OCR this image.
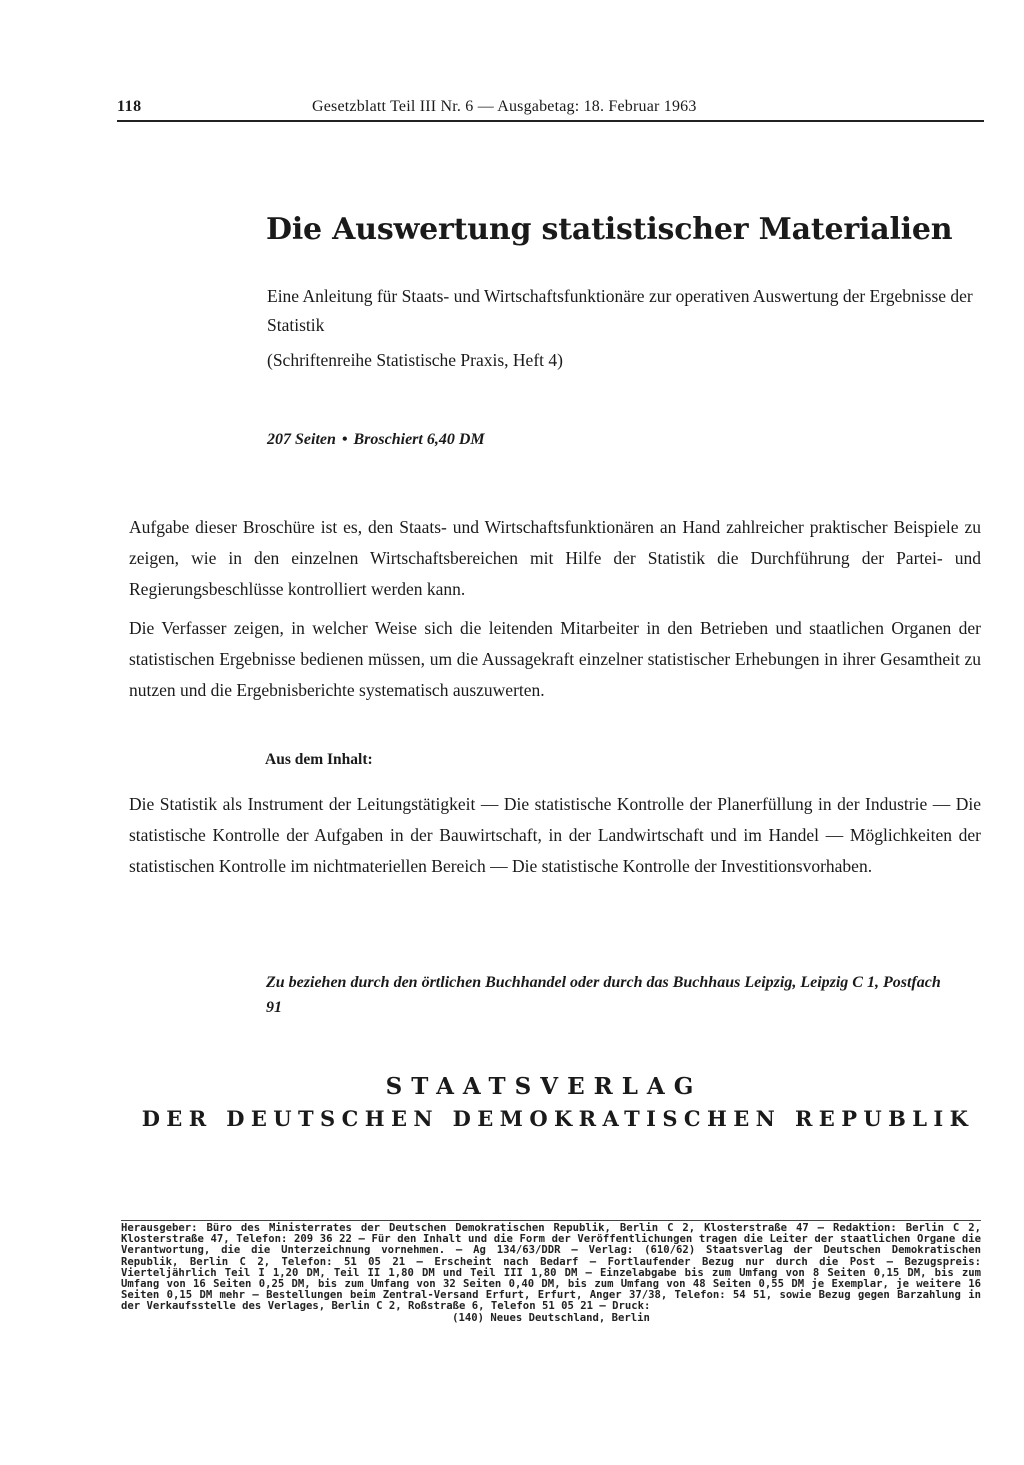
118	Gesetzblatt Teil III Nr. 6 — Ausgabetag: 18. Februar 1963
Die Auswertung statistischer Materialien

Eine Anleitung für Staats- und Wirtschaftsfunktionäre zur operativen Auswertung der Ergebnisse der Statistik

(Schriftenreihe Statistische Praxis, Heft 4)

207 Seiten • Broschiert 6,40 DM

Aufgabe dieser Broschüre ist es, den Staats- und Wirtschaftsfunktionären an Hand zahlreicher praktischer Beispiele zu zeigen, wie in den einzelnen Wirtschaftsbereichen mit Hilfe der Statistik die Durchführung der Partei- und Regierungsbeschlüsse kontrolliert werden kann.

Die Verfasser zeigen, in welcher Weise sich die leitenden Mitarbeiter in den Betrieben und staatlichen Organen der statistischen Ergebnisse bedienen müssen, um die Aussagekraft einzelner statistischer Erhebungen in ihrer Gesamtheit zu nutzen und die Ergebnisberichte systematisch auszuwerten.

Aus dem Inhalt:

Die Statistik als Instrument der Leitungstätigkeit — Die statistische Kontrolle der Planerfüllung in der Industrie — Die statistische Kontrolle der Aufgaben in der Bauwirtschaft, in der Landwirtschaft und im Handel — Möglichkeiten der statistischen Kontrolle im nichtmateriellen Bereich — Die statistische Kontrolle der Investitionsvorhaben.

Zu beziehen durch den örtlichen Buchhandel oder durch das Buchhaus Leipzig, Leipzig C 1, Postfach 91

STAATSVERLAG
DER DEUTSCHEN DEMOKRATISCHEN REPUBLIK

Herausgeber: Büro des Ministerrates der Deutschen Demokratischen Republik, Berlin C 2, Klosterstraße 47 – Redaktion: Berlin C 2, Klosterstraße 47, Telefon: 209 36 22 – Für den Inhalt und die Form der Veröffentlichungen tragen die Leiter der staatlichen Organe die Verantwortung, die die Unterzeichnung vornehmen. – Ag 134/63/DDR – Verlag: (610/62) Staatsverlag der Deutschen Demokratischen Republik, Berlin C 2, Telefon: 51 05 21 – Erscheint nach Bedarf – Fortlaufender Bezug nur durch die Post – Bezugspreis: Vierteljährlich Teil I 1,20 DM, Teil II 1,80 DM und Teil III 1,80 DM – Einzelabgabe bis zum Umfang von 8 Seiten 0,15 DM, bis zum Umfang von 16 Seiten 0,25 DM, bis zum Umfang von 32 Seiten 0,40 DM, bis zum Umfang von 48 Seiten 0,55 DM je Exemplar, je weitere 16 Seiten 0,15 DM mehr – Bestellungen beim Zentral-Versand Erfurt, Erfurt, Anger 37/38, Telefon: 54 51, sowie Bezug gegen Barzahlung in der Verkaufsstelle des Verlages, Berlin C 2, Roßstraße 6, Telefon 51 05 21 – Druck:
(140) Neues Deutschland, Berlin
